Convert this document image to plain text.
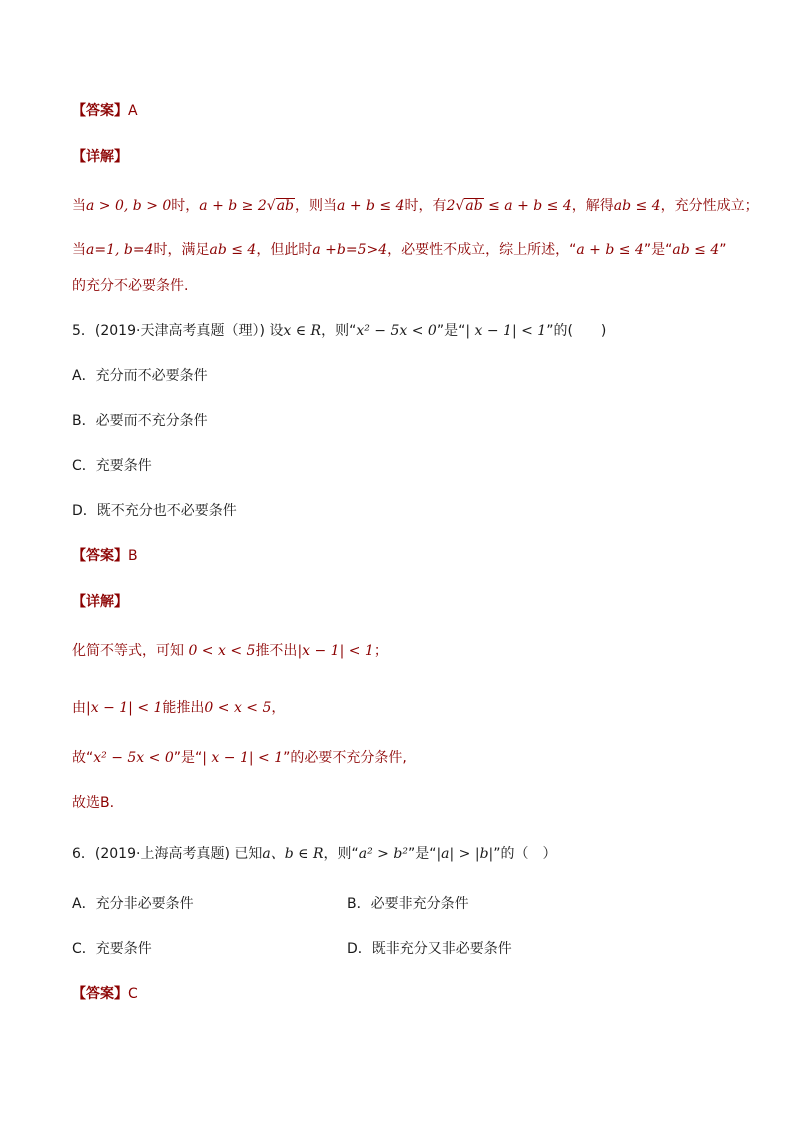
【答案】A
【详解】
当a > 0, b > 0时，a + b ≥ 2√ab，则当a + b ≤ 4时，有2√ab ≤ a + b ≤ 4，解得ab ≤ 4，充分性成立；
当a=1, b=4时，满足ab ≤ 4，但此时a +b=5>4，必要性不成立，综上所述，“a + b ≤ 4”是“ab ≤ 4”
的充分不必要条件.
5．(2019·天津高考真题（理）) 设x ∈ R，则“x² − 5x < 0”是“| x − 1| < 1”的(　　)
A．充分而不必要条件
B．必要而不充分条件
C．充要条件
D．既不充分也不必要条件
【答案】B
【详解】
化简不等式，可知 0 < x < 5推不出|x − 1| < 1；
由|x − 1| < 1能推出0 < x < 5，
故“x² − 5x < 0”是“| x − 1| < 1”的必要不充分条件,
故选B.
6．(2019·上海高考真题) 已知a、b ∈ R，则“a² > b²”是“|a| > |b|”的（　）
A．充分非必要条件	B．必要非充分条件
C．充要条件	D．既非充分又非必要条件
【答案】C
